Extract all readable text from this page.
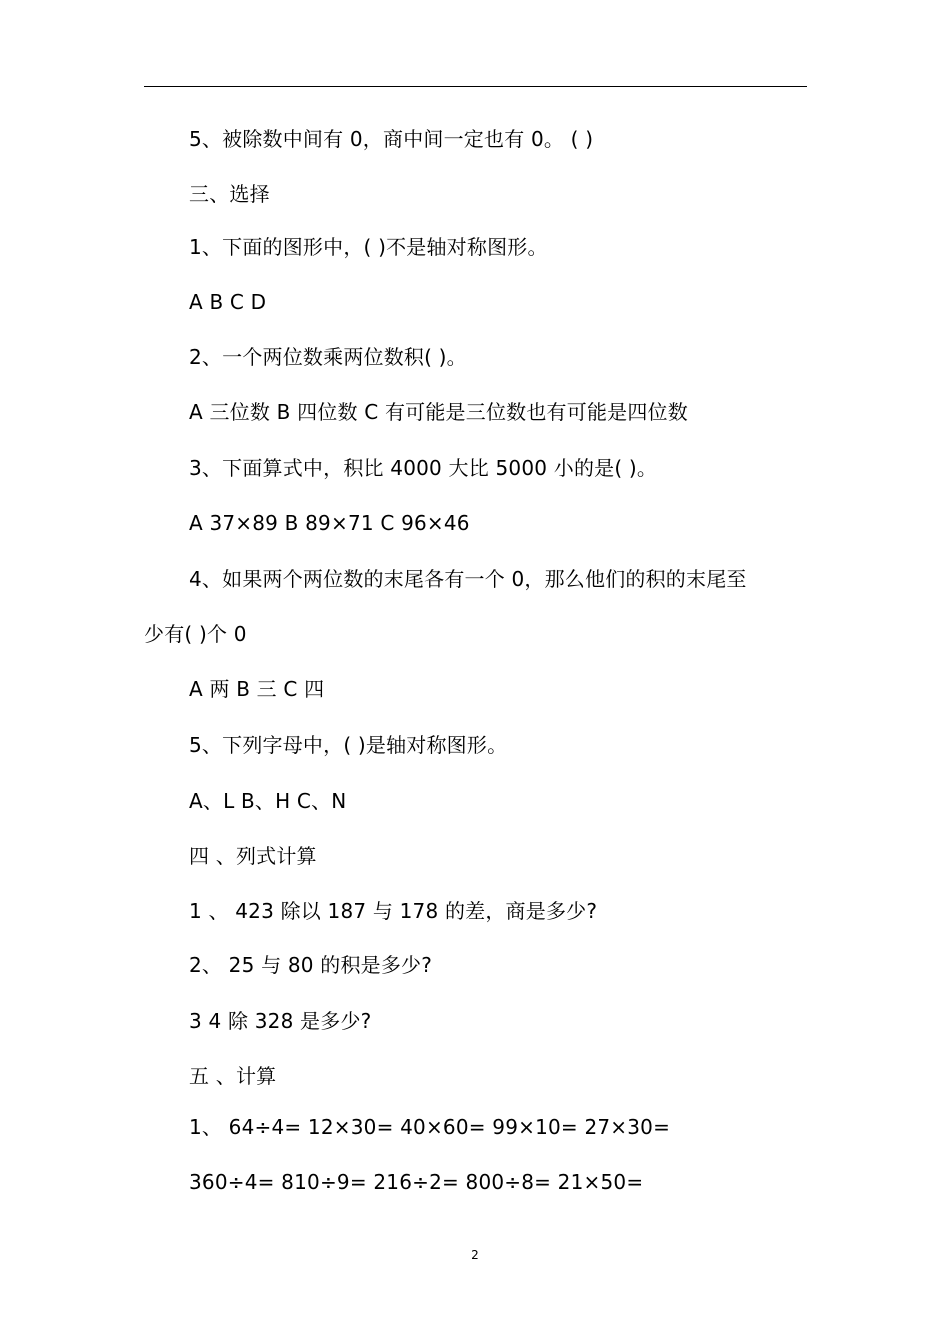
5、被除数中间有 0，商中间一定也有 0。 ( )
三、选择
1、下面的图形中，( )不是轴对称图形。
A B C D
2、一个两位数乘两位数积( )。
A 三位数 B 四位数 C 有可能是三位数也有可能是四位数
3、下面算式中，积比 4000 大比 5000 小的是( )。
A 37×89 B 89×71 C 96×46
4、如果两个两位数的末尾各有一个 0，那么他们的积的末尾至
少有( )个 0
A 两 B 三 C 四
5、下列字母中，( )是轴对称图形。
A、L B、H C、N
四 、列式计算
1 、 423 除以 187 与 178 的差，商是多少?
2、 25 与 80 的积是多少?
3 4 除 328 是多少?
五 、计算
1、 64÷4= 12×30= 40×60= 99×10= 27×30=
360÷4= 810÷9= 216÷2= 800÷8= 21×50=
2
